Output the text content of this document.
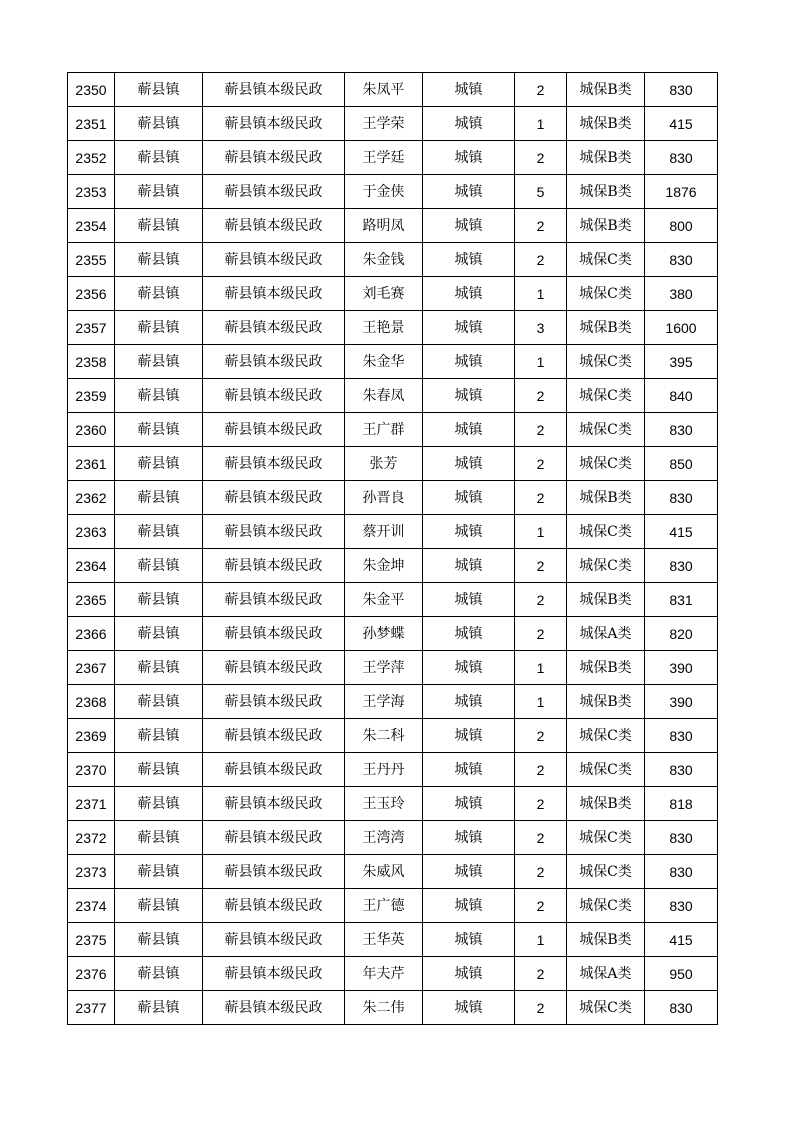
2350	蕲县镇	蕲县镇本级民政	朱凤平	城镇	2	城保B类	830
2351	蕲县镇	蕲县镇本级民政	王学荣	城镇	1	城保B类	415
2352	蕲县镇	蕲县镇本级民政	王学廷	城镇	2	城保B类	830
2353	蕲县镇	蕲县镇本级民政	于金侠	城镇	5	城保B类	1876
2354	蕲县镇	蕲县镇本级民政	路明凤	城镇	2	城保B类	800
2355	蕲县镇	蕲县镇本级民政	朱金钱	城镇	2	城保C类	830
2356	蕲县镇	蕲县镇本级民政	刘毛赛	城镇	1	城保C类	380
2357	蕲县镇	蕲县镇本级民政	王艳景	城镇	3	城保B类	1600
2358	蕲县镇	蕲县镇本级民政	朱金华	城镇	1	城保C类	395
2359	蕲县镇	蕲县镇本级民政	朱春凤	城镇	2	城保C类	840
2360	蕲县镇	蕲县镇本级民政	王广群	城镇	2	城保C类	830
2361	蕲县镇	蕲县镇本级民政	张芳	城镇	2	城保C类	850
2362	蕲县镇	蕲县镇本级民政	孙晋良	城镇	2	城保B类	830
2363	蕲县镇	蕲县镇本级民政	蔡开训	城镇	1	城保C类	415
2364	蕲县镇	蕲县镇本级民政	朱金坤	城镇	2	城保C类	830
2365	蕲县镇	蕲县镇本级民政	朱金平	城镇	2	城保B类	831
2366	蕲县镇	蕲县镇本级民政	孙梦蝶	城镇	2	城保A类	820
2367	蕲县镇	蕲县镇本级民政	王学萍	城镇	1	城保B类	390
2368	蕲县镇	蕲县镇本级民政	王学海	城镇	1	城保B类	390
2369	蕲县镇	蕲县镇本级民政	朱二科	城镇	2	城保C类	830
2370	蕲县镇	蕲县镇本级民政	王丹丹	城镇	2	城保C类	830
2371	蕲县镇	蕲县镇本级民政	王玉玲	城镇	2	城保B类	818
2372	蕲县镇	蕲县镇本级民政	王湾湾	城镇	2	城保C类	830
2373	蕲县镇	蕲县镇本级民政	朱威风	城镇	2	城保C类	830
2374	蕲县镇	蕲县镇本级民政	王广德	城镇	2	城保C类	830
2375	蕲县镇	蕲县镇本级民政	王华英	城镇	1	城保B类	415
2376	蕲县镇	蕲县镇本级民政	年夫芹	城镇	2	城保A类	950
2377	蕲县镇	蕲县镇本级民政	朱二伟	城镇	2	城保C类	830
